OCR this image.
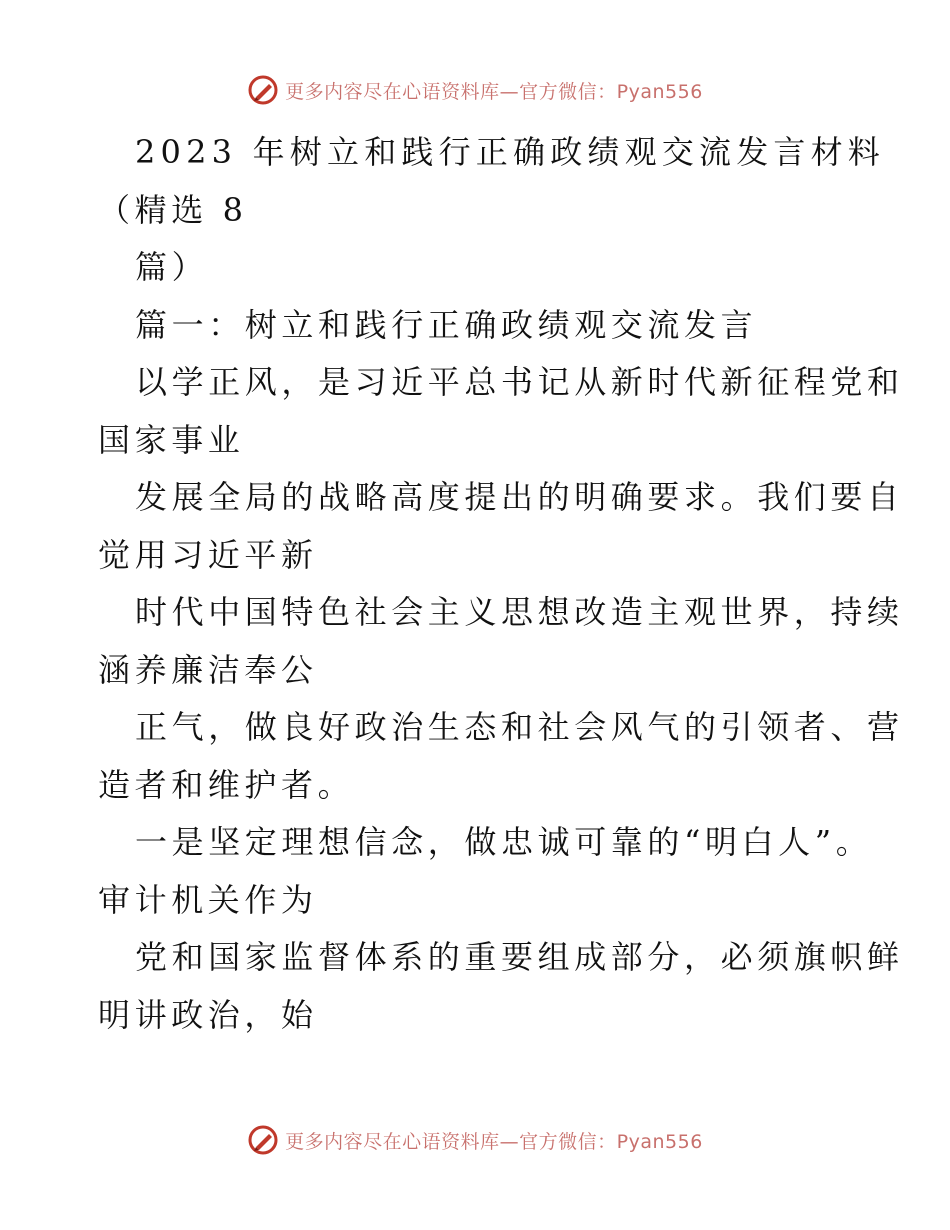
更多内容尽在心语资料库—官方微信：Pyan556
2023 年树立和践行正确政绩观交流发言材料
（精选 8
篇）
篇一：树立和践行正确政绩观交流发言
以学正风，是习近平总书记从新时代新征程党和
国家事业
发展全局的战略高度提出的明确要求。我们要自
觉用习近平新
时代中国特色社会主义思想改造主观世界，持续
涵养廉洁奉公
正气，做良好政治生态和社会风气的引领者、营
造者和维护者。
一是坚定理想信念，做忠诚可靠的“明白人”。
审计机关作为
党和国家监督体系的重要组成部分，必须旗帜鲜
明讲政治，始
更多内容尽在心语资料库—官方微信：Pyan556
